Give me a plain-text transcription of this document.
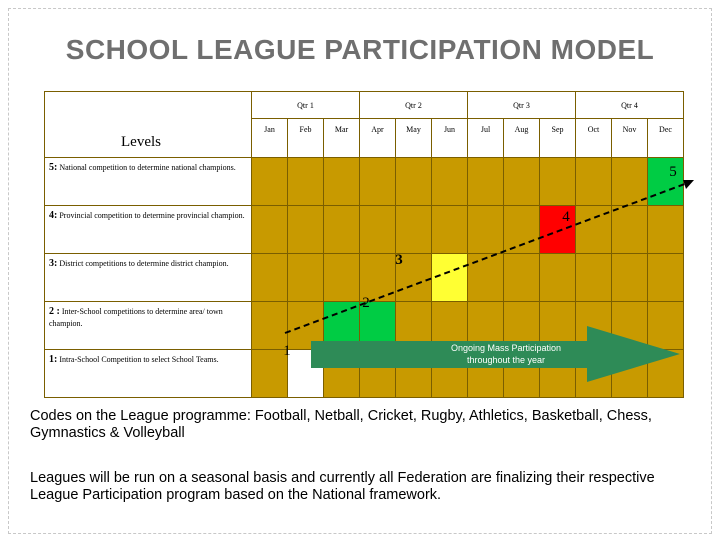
SCHOOL LEAGUE PARTICIPATION MODEL
Levels	Qtr 1			Qtr 2			Qtr 3			Qtr 4		
	Jan	Feb	Mar	Apr	May	Jun	Jul	Aug	Sep	Oct	Nov	Dec
5: National competition to determine national champions.												
4: Provincial competition to determine provincial champion.												
3: District competitions to determine district champion.												
2 : Inter-School competitions to determine area/ town champion.												
1: Intra-School Competition to select School Teams.												
Ongoing Mass Participation
throughout the year
1
2
3
4
5
Codes on the League programme: Football, Netball, Cricket, Rugby, Athletics, Basketball, Chess, Gymnastics & Volleyball
Leagues will be run on a seasonal basis and currently all Federation are finalizing their respective League Participation program based on the National framework.
